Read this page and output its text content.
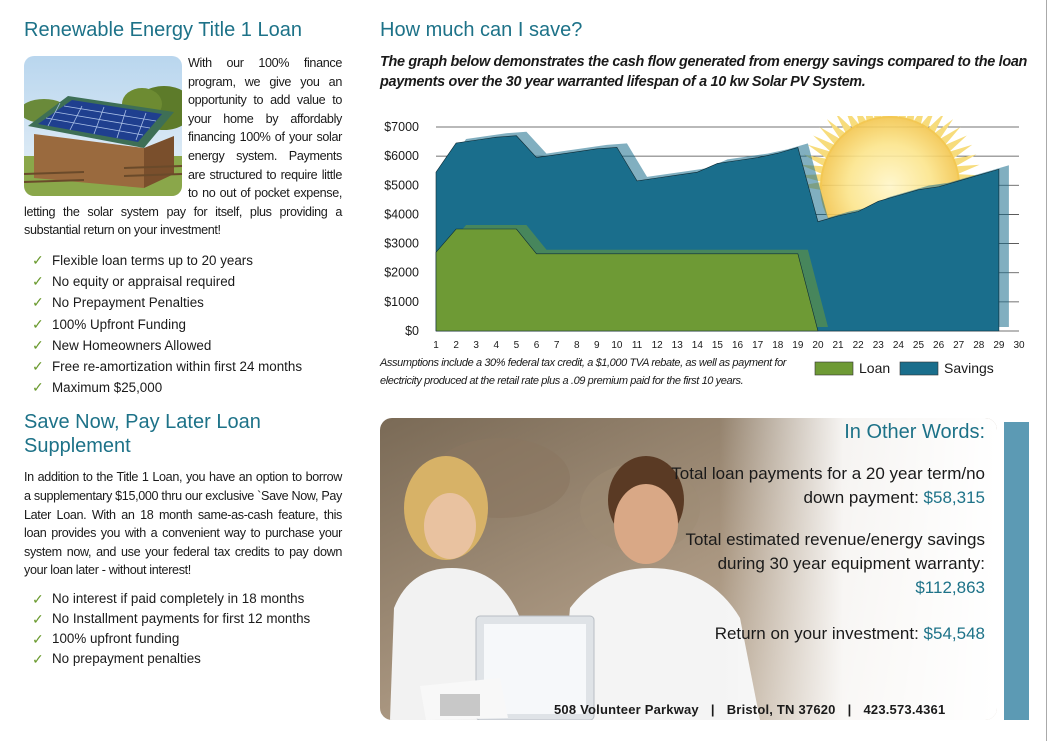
Renewable Energy Title 1 Loan
With our 100% finance program, we give you an opportunity to add value to your home by affordably financing 100% of your solar energy system. Payments are structured to require little to no out of pocket expense, letting the solar system pay for itself, plus providing a substantial return on your investment!
✓ Flexible loan terms up to 20 years
✓ No equity or appraisal required
✓ No Prepayment Penalties
✓ 100% Upfront Funding
✓ New Homeowners Allowed
✓ Free re-amortization within first 24 months
✓ Maximum $25,000
Save Now, Pay Later Loan Supplement

In addition to the Title 1 Loan, you have an option to borrow a supplementary $15,000 thru our exclusive `Save Now, Pay Later Loan. With an 18 month same-as-cash feature, this loan provides you with a convenient way to purchase your system now, and use your federal tax credits to pay down your loan later - without interest!

✓ No interest if paid completely in 18 months
✓ No Installment payments for first 12 months
✓ 100% upfront funding
✓ No prepayment penalties
How much can I save?

The graph below demonstrates the cash flow generated from energy savings compared to the loan payments over the 30 year warranted lifespan of a 10 kw Solar PV System.

$0
$1000
$2000
$3000
$4000
$5000
$6000
$7000
1 2 3 4 5 6 7 8 9 10 11 12 13 14 15 16 17 18 19 20 21 22 23 24 25 26 27 28 29 30
Loan	Savings

Assumptions include a 30% federal tax credit, a $1,000 TVA rebate, as well as payment for electricity produced at the retail rate plus a .09 premium paid for the first 10 years.

In Other Words:
Total loan payments for a 20 year term/no down payment: $58,315
Total estimated revenue/energy savings during 30 year equipment warranty: $112,863
Return on your investment: $54,548
508 Volunteer Parkway | Bristol, TN 37620 | 423.573.4361
